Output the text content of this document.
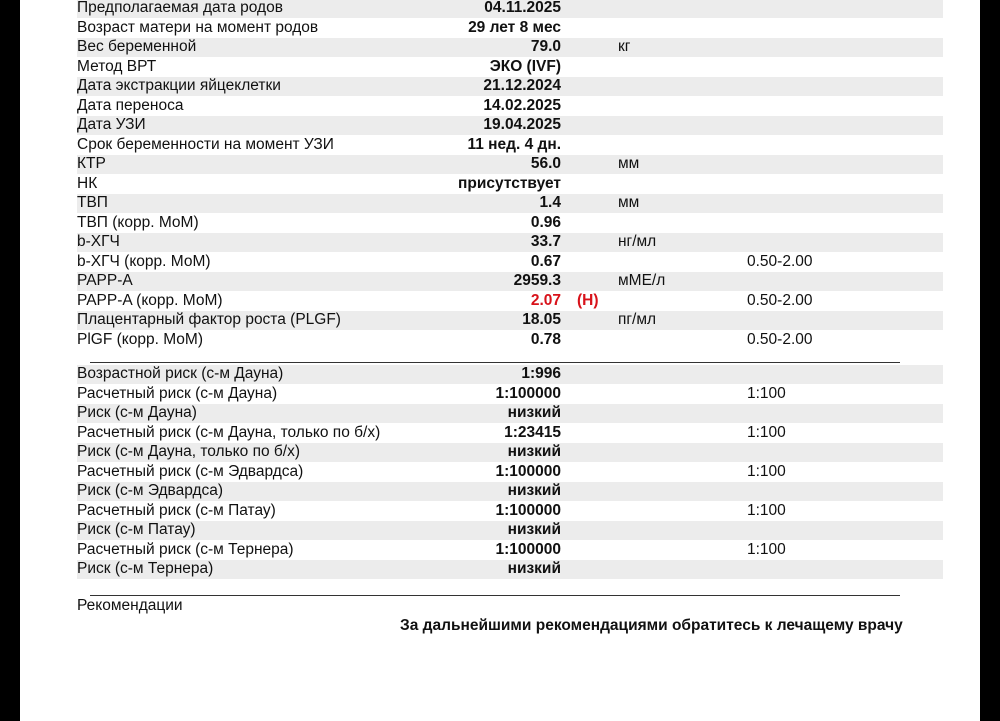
Предполагаемая дата родов	04.11.2025
Возраст матери на момент родов	29 лет 8 мес
Вес беременной	79.0	кг
Метод ВРТ	ЭКО (IVF)
Дата экстракции яйцеклетки	21.12.2024
Дата переноса	14.02.2025
Дата УЗИ	19.04.2025
Срок беременности на момент УЗИ	11 нед. 4 дн.
КТР	56.0	мм
НК	присутствует
ТВП	1.4	мм
ТВП (корр. МоМ)	0.96
b-ХГЧ	33.7	нг/мл
b-ХГЧ (корр. МоМ)	0.67	0.50-2.00
PAPP-A	2959.3	мМЕ/л
PAPP-A (корр. МоМ)	2.07 (H)	0.50-2.00
Плацентарный фактор роста (PLGF)	18.05	пг/мл
PlGF (корр. МоМ)	0.78	0.50-2.00
Возрастной риск (с-м Дауна)	1:996
Расчетный риск (с-м Дауна)	1:100000	1:100
Риск (с-м Дауна)	низкий
Расчетный риск (с-м Дауна, только по б/х)	1:23415	1:100
Риск (с-м Дауна, только по б/х)	низкий
Расчетный риск (с-м Эдвардса)	1:100000	1:100
Риск (с-м Эдвардса)	низкий
Расчетный риск (с-м Патау)	1:100000	1:100
Риск (с-м Патау)	низкий
Расчетный риск (с-м Тернера)	1:100000	1:100
Риск (с-м Тернера)	низкий
Рекомендации
За дальнейшими рекомендациями обратитесь к лечащему врачу
